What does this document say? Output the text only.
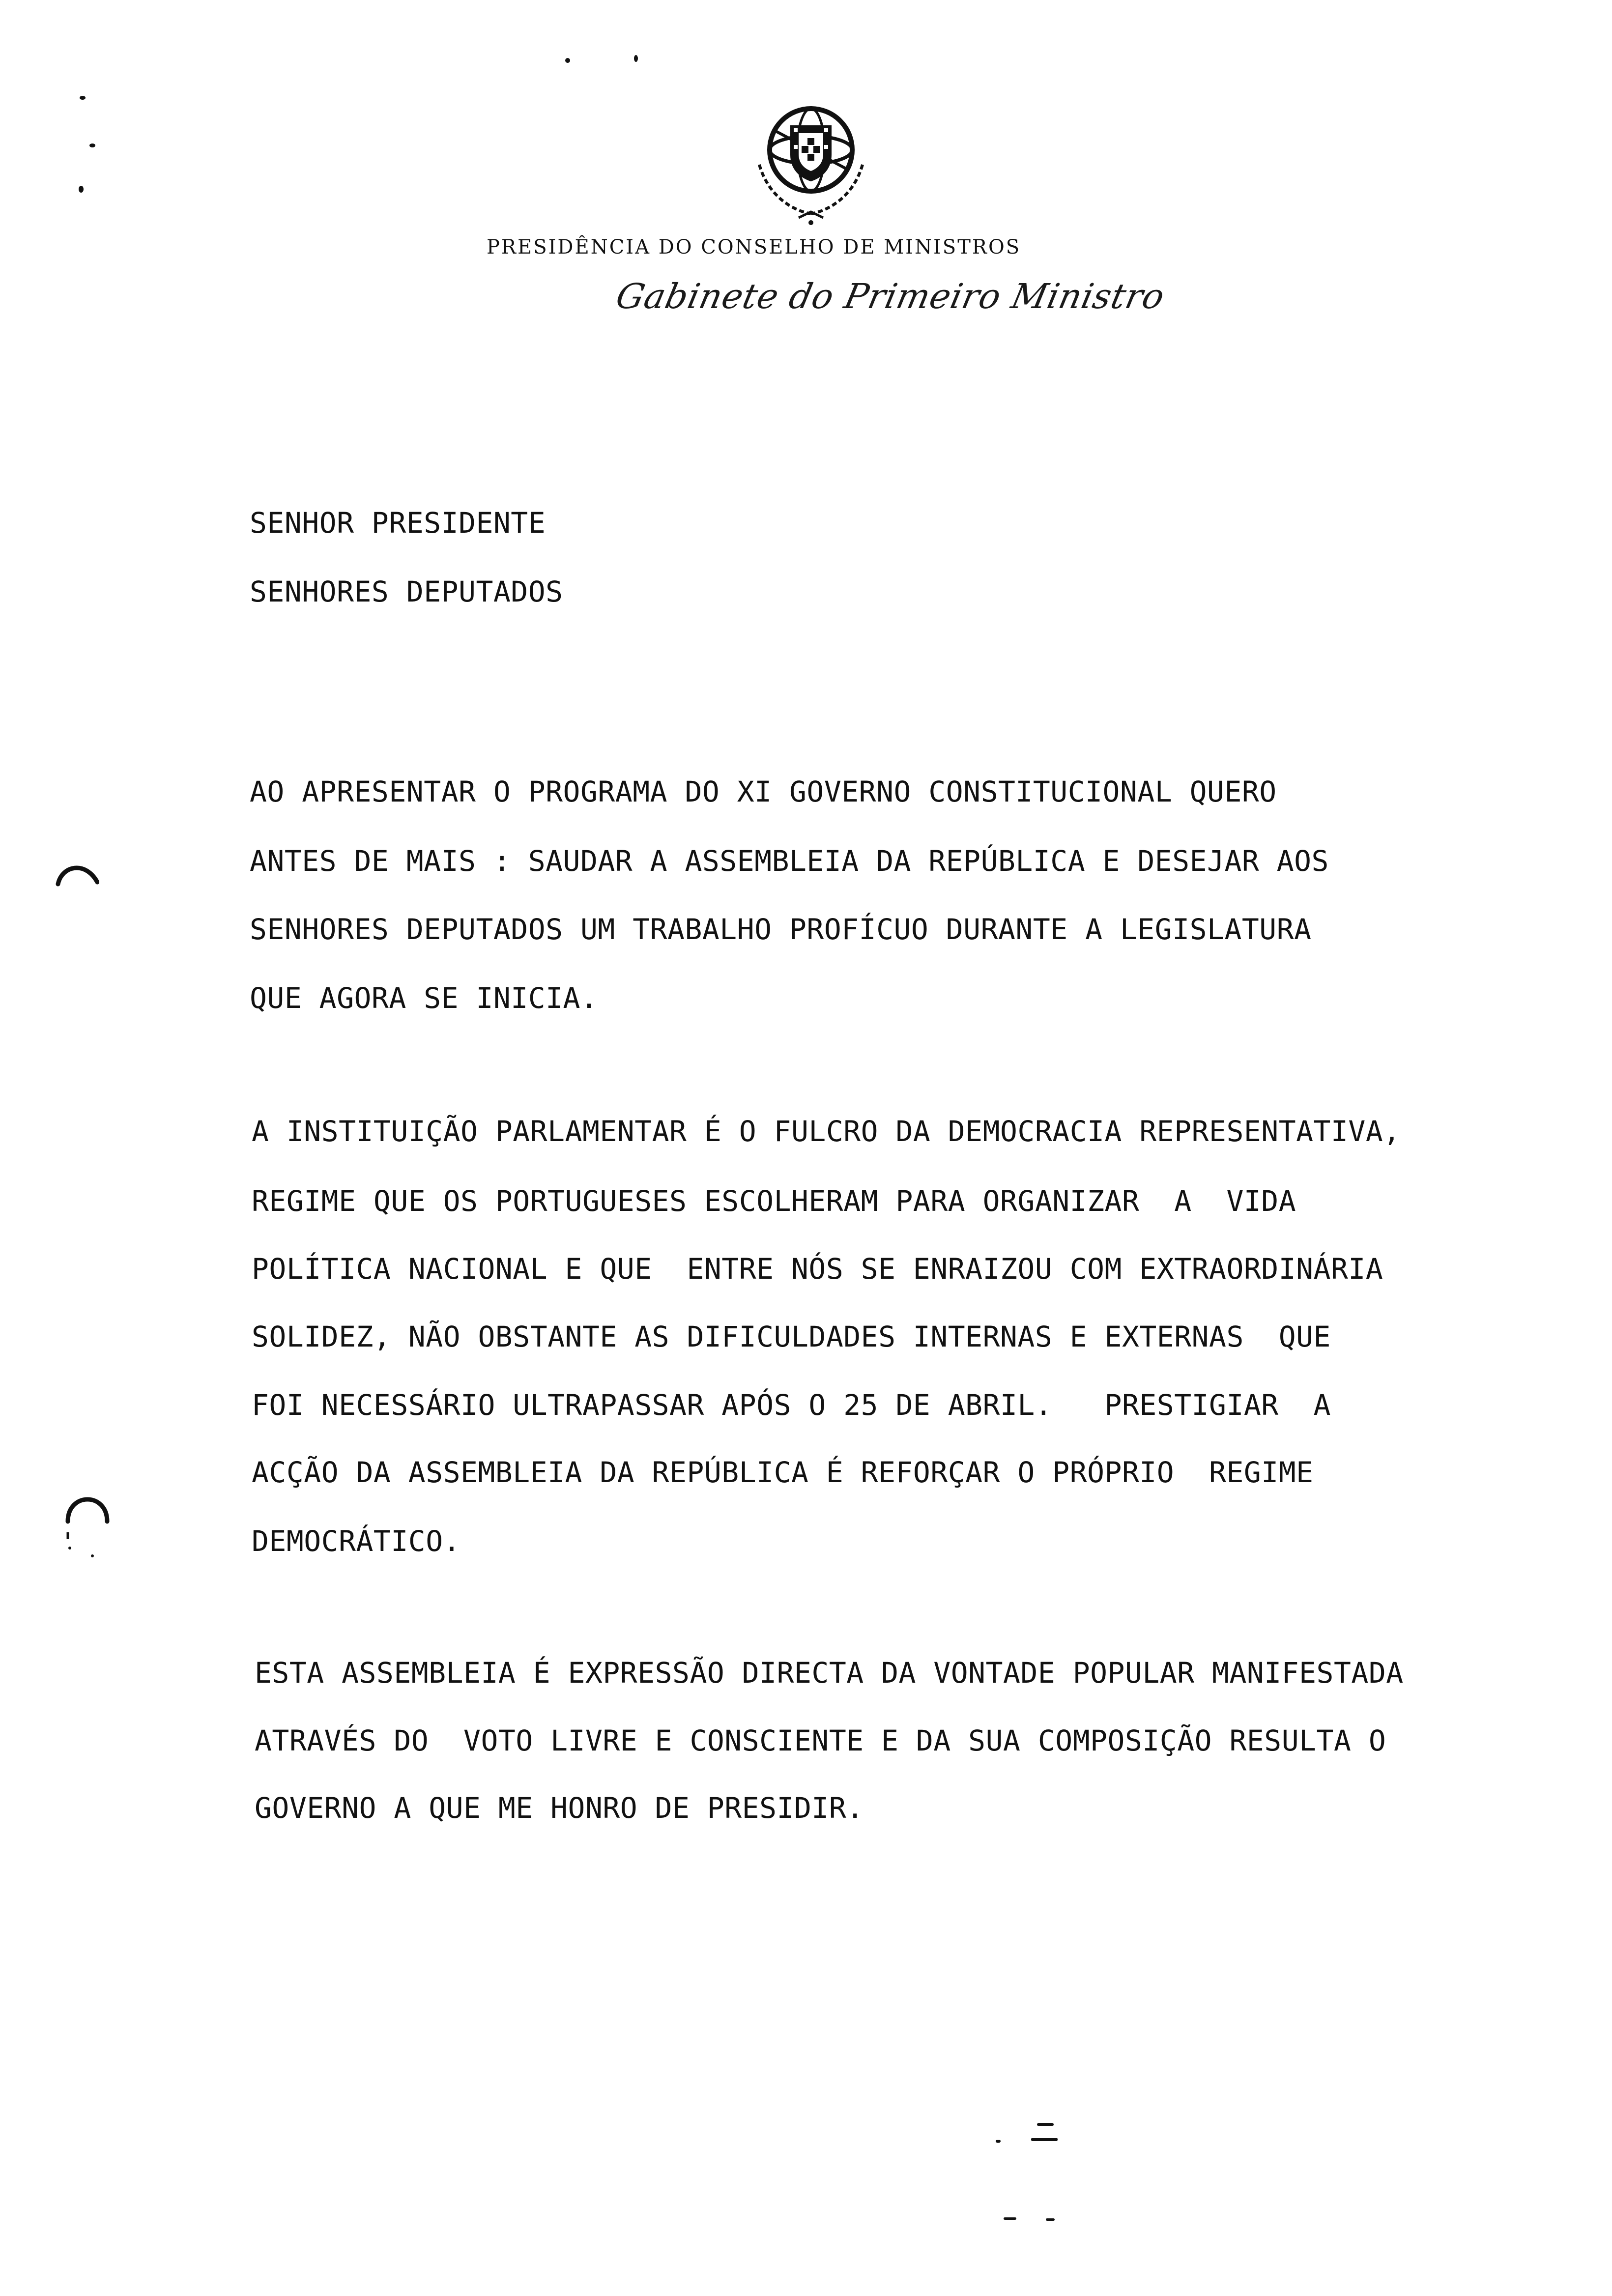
PRESIDÊNCIA DO CONSELHO DE MINISTROS
Gabinete do Primeiro Ministro
SENHOR PRESIDENTE
SENHORES DEPUTADOS
AO APRESENTAR O PROGRAMA DO XI GOVERNO CONSTITUCIONAL QUERO
ANTES DE MAIS : SAUDAR A ASSEMBLEIA DA REPÚBLICA E DESEJAR AOS
SENHORES DEPUTADOS UM TRABALHO PROFÍCUO DURANTE A LEGISLATURA
QUE AGORA SE INICIA.
A INSTITUIÇÃO PARLAMENTAR É O FULCRO DA DEMOCRACIA REPRESENTATIVA,
REGIME QUE OS PORTUGUESES ESCOLHERAM PARA ORGANIZAR  A  VIDA
POLÍTICA NACIONAL E QUE  ENTRE NÓS SE ENRAIZOU COM EXTRAORDINÁRIA
SOLIDEZ, NÃO OBSTANTE AS DIFICULDADES INTERNAS E EXTERNAS  QUE
FOI NECESSÁRIO ULTRAPASSAR APÓS O 25 DE ABRIL.   PRESTIGIAR  A
ACÇÃO DA ASSEMBLEIA DA REPÚBLICA É REFORÇAR O PRÓPRIO  REGIME
DEMOCRÁTICO.
ESTA ASSEMBLEIA É EXPRESSÃO DIRECTA DA VONTADE POPULAR MANIFESTADA
ATRAVÉS DO  VOTO LIVRE E CONSCIENTE E DA SUA COMPOSIÇÃO RESULTA O
GOVERNO A QUE ME HONRO DE PRESIDIR.
